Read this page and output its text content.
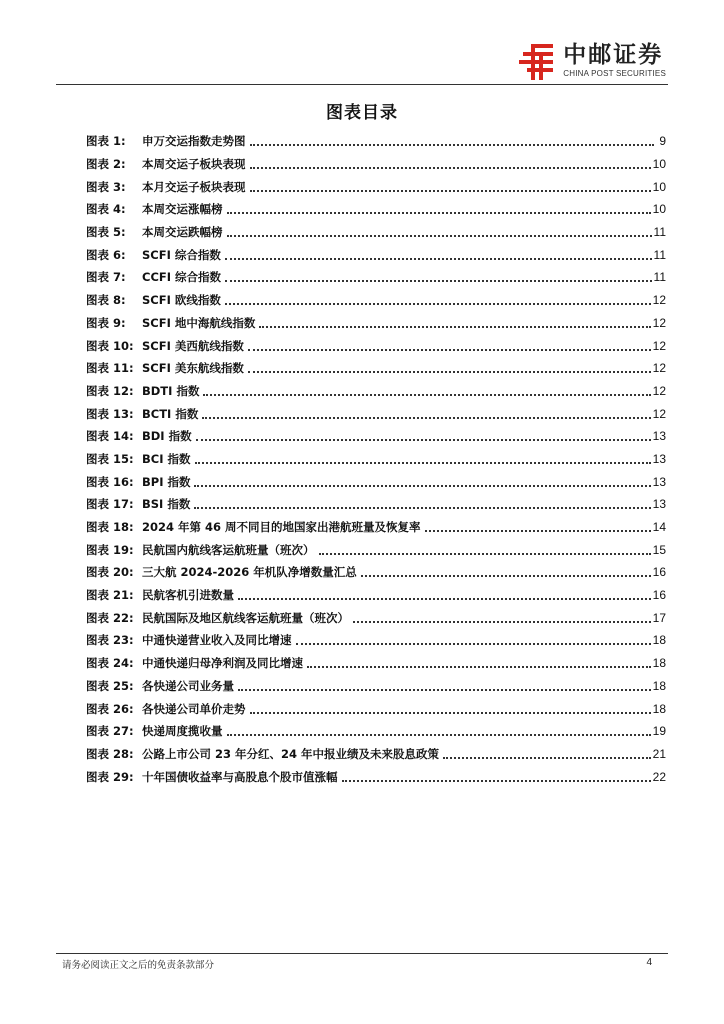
中邮证券
CHINA POST SECURITIES
图表目录
图表 1:	申万交运指数走势图	9
图表 2:	本周交运子板块表现	10
图表 3:	本月交运子板块表现	10
图表 4:	本周交运涨幅榜	10
图表 5:	本周交运跌幅榜	11
图表 6:	SCFI 综合指数	11
图表 7:	CCFI 综合指数	11
图表 8:	SCFI 欧线指数	12
图表 9:	SCFI 地中海航线指数	12
图表 10: SCFI 美西航线指数	12
图表 11: SCFI 美东航线指数	12
图表 12: BDTI 指数	12
图表 13: BCTI 指数	12
图表 14: BDI 指数	13
图表 15: BCI 指数	13
图表 16: BPI 指数	13
图表 17: BSI 指数	13
图表 18: 2024 年第 46 周不同目的地国家出港航班量及恢复率	14
图表 19: 民航国内航线客运航班量（班次）	15
图表 20: 三大航 2024-2026 年机队净增数量汇总	16
图表 21: 民航客机引进数量	16
图表 22: 民航国际及地区航线客运航班量（班次）	17
图表 23: 中通快递营业收入及同比增速	18
图表 24: 中通快递归母净利润及同比增速	18
图表 25: 各快递公司业务量	18
图表 26: 各快递公司单价走势	18
图表 27: 快递周度揽收量	19
图表 28: 公路上市公司 23 年分红、24 年中报业绩及未来股息政策	21
图表 29: 十年国债收益率与高股息个股市值涨幅	22
请务必阅读正文之后的免责条款部分	4
